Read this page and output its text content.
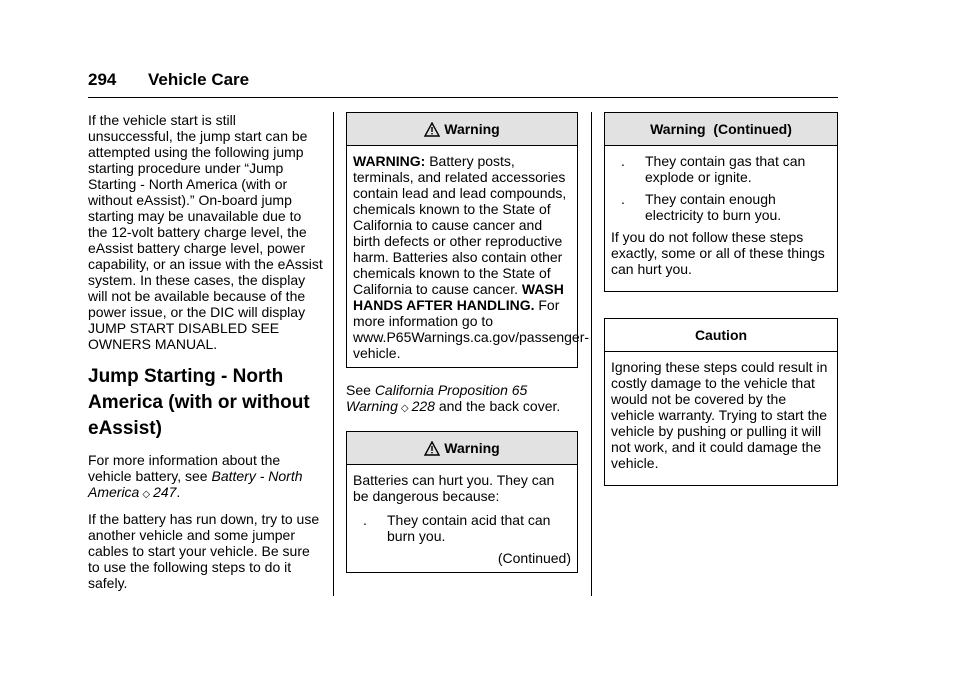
294 Vehicle Care

If the vehicle start is still unsuccessful, the jump start can be attempted using the following jump starting procedure under “Jump Starting - North America (with or without eAssist).” On-board jump starting may be unavailable due to the 12-volt battery charge level, the eAssist battery charge level, power capability, or an issue with the eAssist system. In these cases, the display will not be available because of the power issue, or the DIC will display JUMP START DISABLED SEE OWNERS MANUAL.

Jump Starting - North America (with or without eAssist)

For more information about the vehicle battery, see Battery - North America ◇ 247.

If the battery has run down, try to use another vehicle and some jumper cables to start your vehicle. Be sure to use the following steps to do it safely.

Warning
WARNING: Battery posts, terminals, and related accessories contain lead and lead compounds, chemicals known to the State of California to cause cancer and birth defects or other reproductive harm. Batteries also contain other chemicals known to the State of California to cause cancer. WASH HANDS AFTER HANDLING. For more information go to www.P65Warnings.ca.gov/passenger-vehicle.

See California Proposition 65 Warning ◇ 228 and the back cover.

Warning

Batteries can hurt you. They can be dangerous because:

.	They contain acid that can burn you.
(Continued)
Warning  (Continued)
.	They contain gas that can explode or ignite.
.	They contain enough electricity to burn you.

If you do not follow these steps exactly, some or all of these things can hurt you.

Caution

Ignoring these steps could result in costly damage to the vehicle that would not be covered by the vehicle warranty. Trying to start the vehicle by pushing or pulling it will not work, and it could damage the vehicle.
